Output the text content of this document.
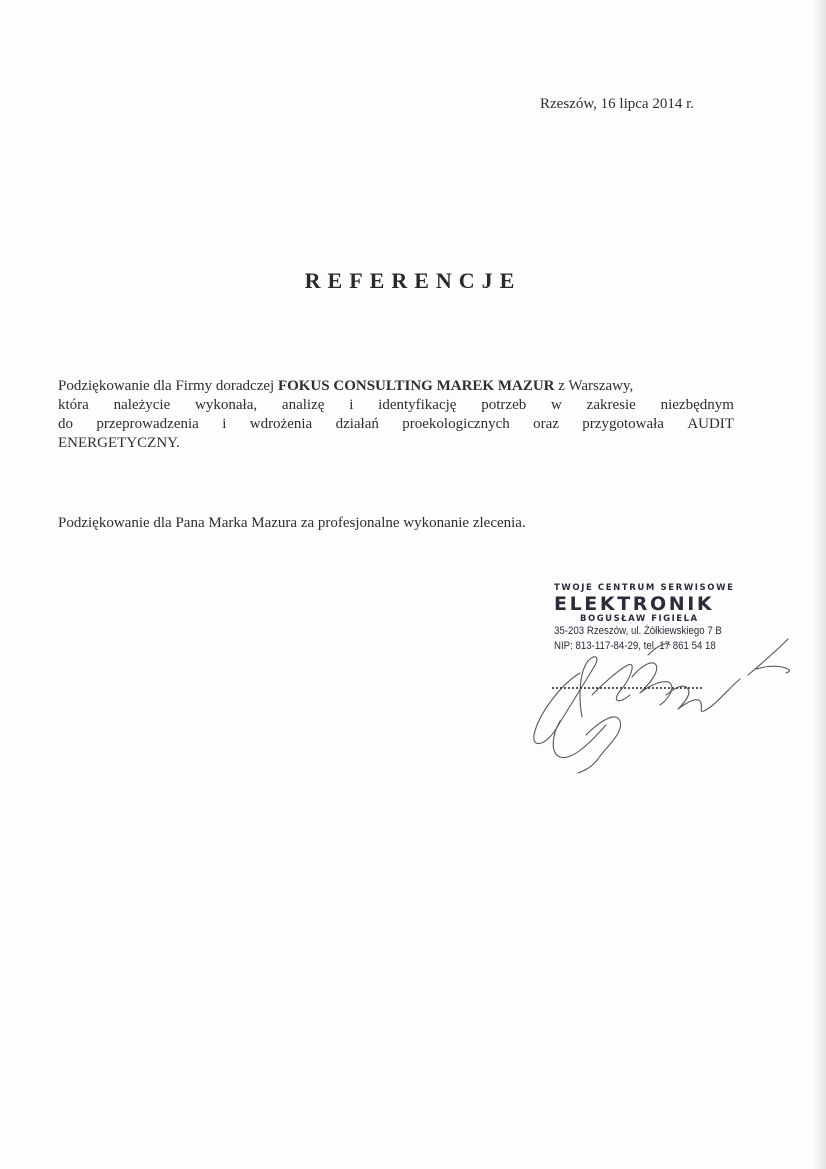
Rzeszów, 16 lipca 2014 r.
REFERENCJE
Podziękowanie dla Firmy doradczej FOKUS CONSULTING MAREK MAZUR z Warszawy,
która należycie wykonała, analizę i identyfikację potrzeb w zakresie niezbędnym
do przeprowadzenia i wdrożenia działań proekologicznych oraz przygotowała AUDIT
ENERGETYCZNY.
Podziękowanie dla Pana Marka Mazura za profesjonalne wykonanie zlecenia.
TWOJE CENTRUM SERWISOWE
ELEKTRONIK
BOGUSŁAW FIGIELA
35-203 Rzeszów, ul. Żółkiewskiego 7 B
NIP: 813-117-84-29, tel. 17 861 54 18
